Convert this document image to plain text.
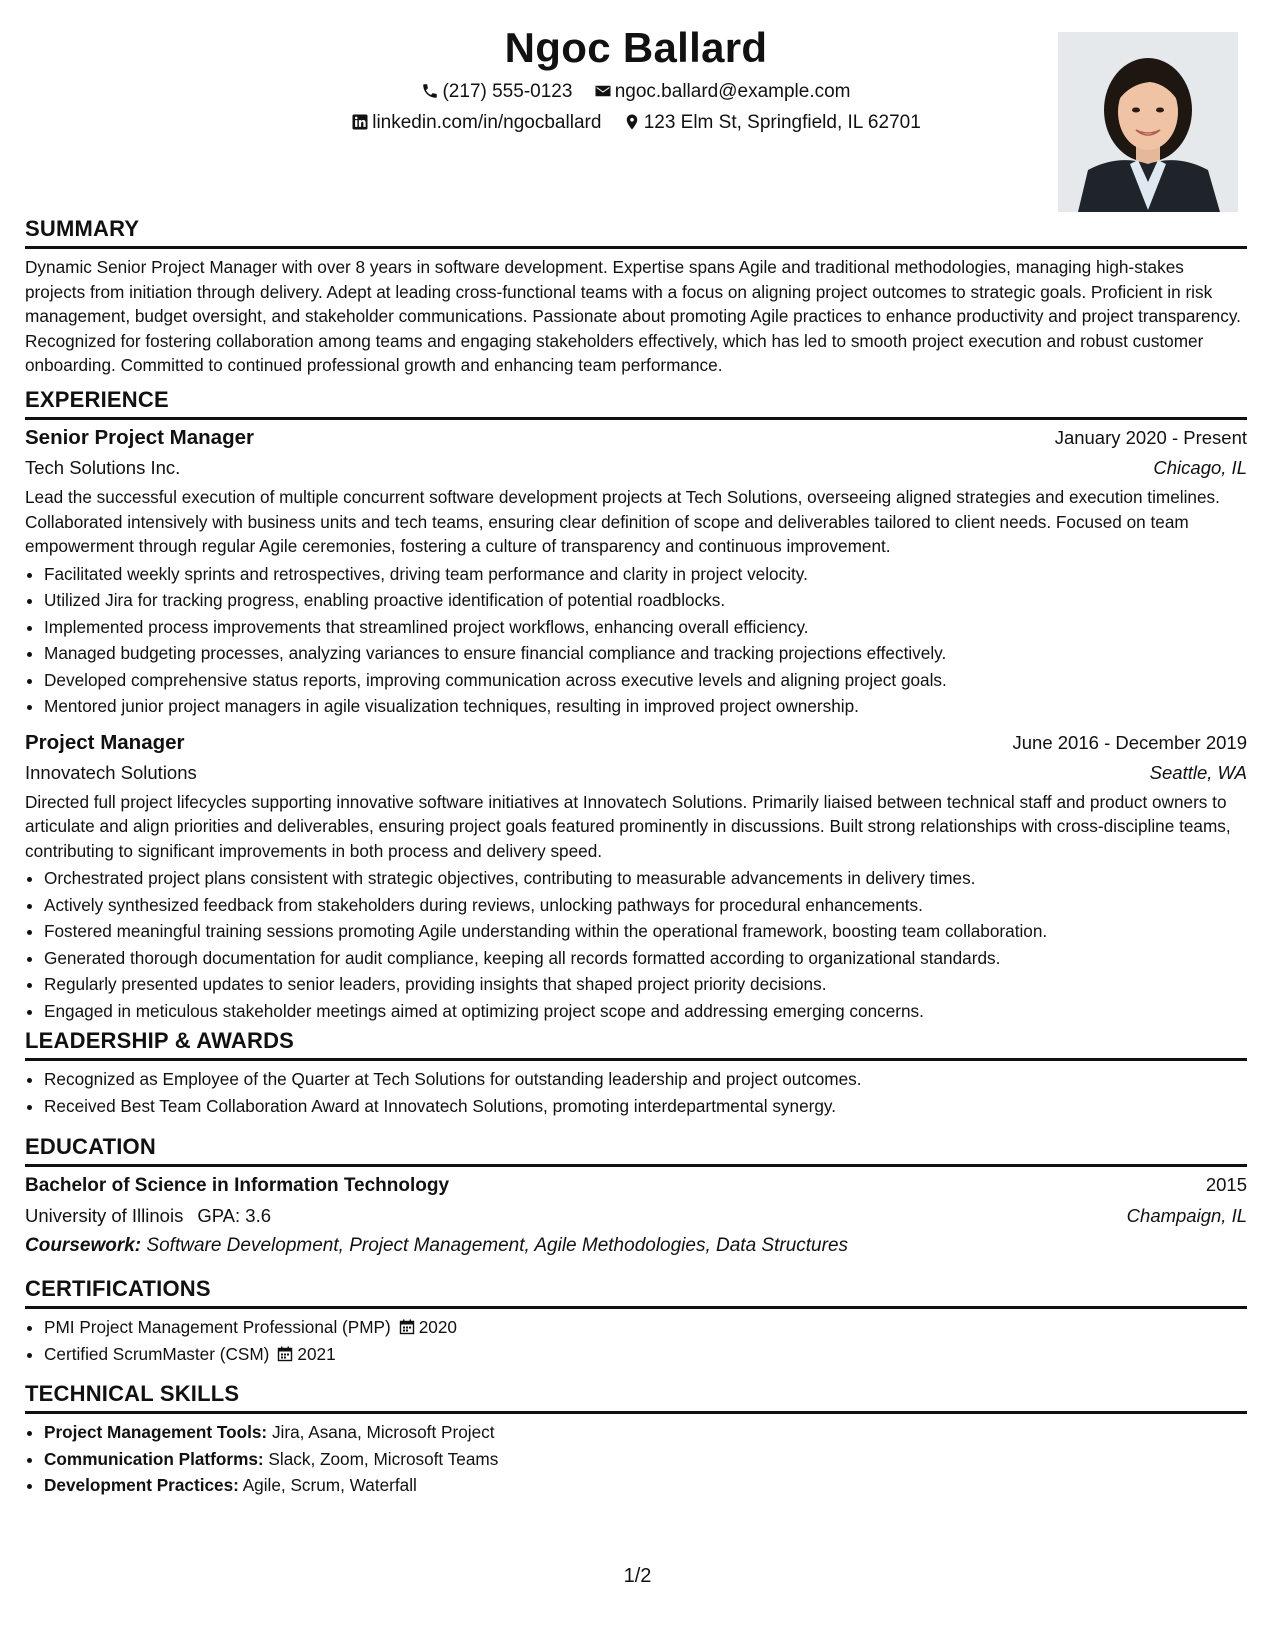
Ngoc Ballard
(217) 555-0123 ngoc.ballard@example.com
linkedin.com/in/ngocballard 123 Elm St, Springfield, IL 62701
SUMMARY

Dynamic Senior Project Manager with over 8 years in software development. Expertise spans Agile and traditional methodologies, managing high-stakes projects from initiation through delivery. Adept at leading cross-functional teams with a focus on aligning project outcomes to strategic goals. Proficient in risk management, budget oversight, and stakeholder communications. Passionate about promoting Agile practices to enhance productivity and project transparency. Recognized for fostering collaboration among teams and engaging stakeholders effectively, which has led to smooth project execution and robust customer onboarding. Committed to continued professional growth and enhancing team performance.

EXPERIENCE
Senior Project Manager	January 2020 - Present
Tech Solutions Inc.	Chicago, IL

Lead the successful execution of multiple concurrent software development projects at Tech Solutions, overseeing aligned strategies and execution timelines. Collaborated intensively with business units and tech teams, ensuring clear definition of scope and deliverables tailored to client needs. Focused on team empowerment through regular Agile ceremonies, fostering a culture of transparency and continuous improvement.

• Facilitated weekly sprints and retrospectives, driving team performance and clarity in project velocity.
• Utilized Jira for tracking progress, enabling proactive identification of potential roadblocks.
• Implemented process improvements that streamlined project workflows, enhancing overall efficiency.
• Managed budgeting processes, analyzing variances to ensure financial compliance and tracking projections effectively.
• Developed comprehensive status reports, improving communication across executive levels and aligning project goals.
• Mentored junior project managers in agile visualization techniques, resulting in improved project ownership.
Project Manager	June 2016 - December 2019
Innovatech Solutions	Seattle, WA

Directed full project lifecycles supporting innovative software initiatives at Innovatech Solutions. Primarily liaised between technical staff and product owners to articulate and align priorities and deliverables, ensuring project goals featured prominently in discussions. Built strong relationships with cross-discipline teams, contributing to significant improvements in both process and delivery speed.

• Orchestrated project plans consistent with strategic objectives, contributing to measurable advancements in delivery times.
• Actively synthesized feedback from stakeholders during reviews, unlocking pathways for procedural enhancements.
• Fostered meaningful training sessions promoting Agile understanding within the operational framework, boosting team collaboration.
• Generated thorough documentation for audit compliance, keeping all records formatted according to organizational standards.
• Regularly presented updates to senior leaders, providing insights that shaped project priority decisions.
• Engaged in meticulous stakeholder meetings aimed at optimizing project scope and addressing emerging concerns.
LEADERSHIP & AWARDS
• Recognized as Employee of the Quarter at Tech Solutions for outstanding leadership and project outcomes.
• Received Best Team Collaboration Award at Innovatech Solutions, promoting interdepartmental synergy.
EDUCATION
Bachelor of Science in Information Technology	2015
University of Illinois GPA: 3.6	Champaign, IL
Coursework: Software Development, Project Management, Agile Methodologies, Data Structures
CERTIFICATIONS
• PMI Project Management Professional (PMP) 2020
• Certified ScrumMaster (CSM) 2021
TECHNICAL SKILLS
• Project Management Tools: Jira, Asana, Microsoft Project
• Communication Platforms: Slack, Zoom, Microsoft Teams
• Development Practices: Agile, Scrum, Waterfall
1/2
